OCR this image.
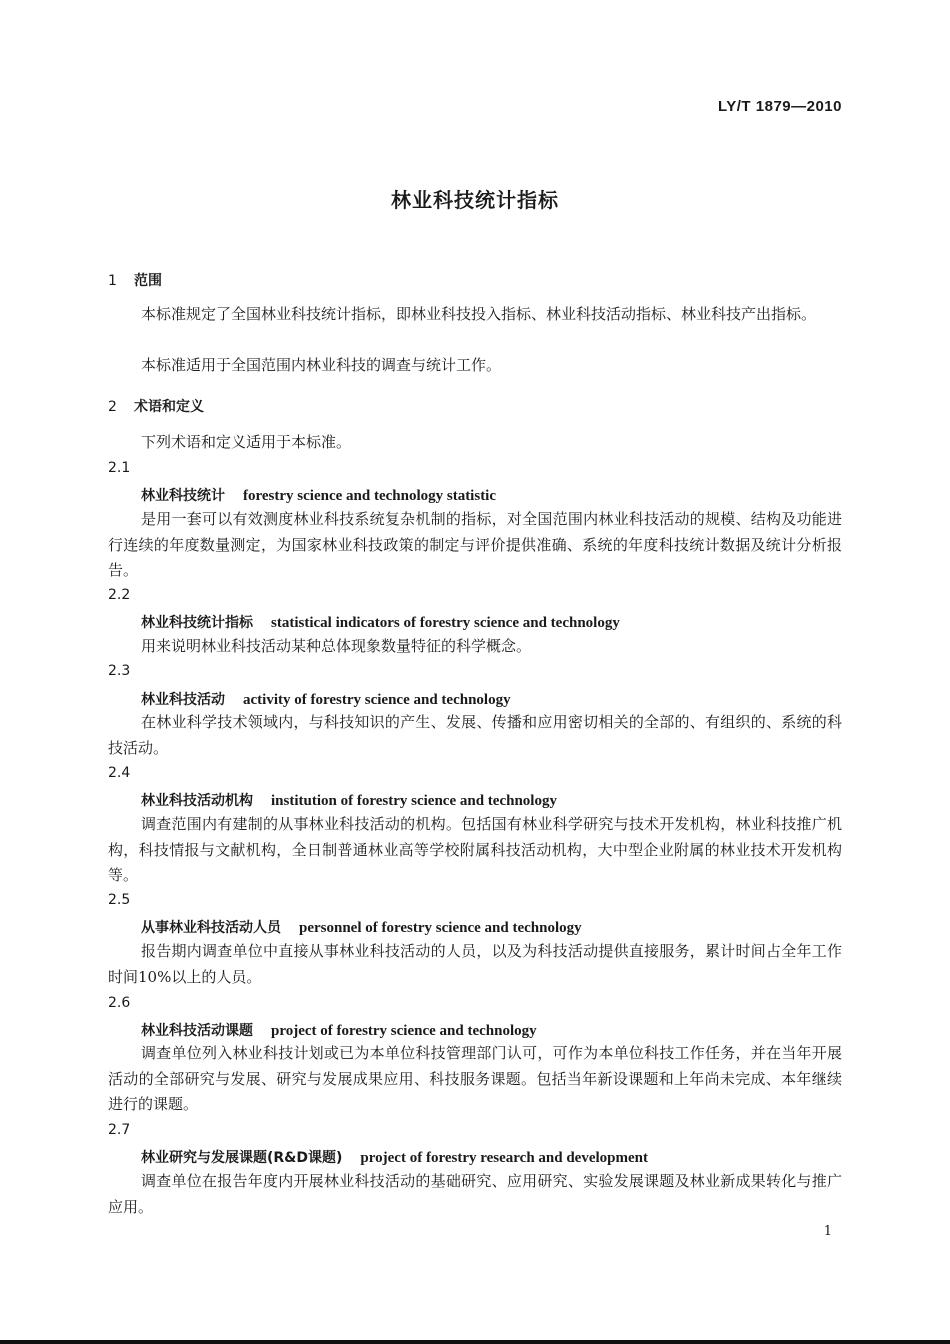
LY/T 1879—2010
林业科技统计指标
1 范围

本标准规定了全国林业科技统计指标，即林业科技投入指标、林业科技活动指标、林业科技产出指标。

本标准适用于全国范围内林业科技的调查与统计工作。

2 术语和定义

下列术语和定义适用于本标准。

2.1
林业科技统计 forestry science and technology statistic

是用一套可以有效测度林业科技系统复杂机制的指标，对全国范围内林业科技活动的规模、结构及功能进行连续的年度数量测定，为国家林业科技政策的制定与评价提供准确、系统的年度科技统计数据及统计分析报告。

2.2
林业科技统计指标 statistical indicators of forestry science and technology

用来说明林业科技活动某种总体现象数量特征的科学概念。

2.3
林业科技活动 activity of forestry science and technology

在林业科学技术领域内，与科技知识的产生、发展、传播和应用密切相关的全部的、有组织的、系统的科技活动。

2.4
林业科技活动机构 institution of forestry science and technology

调查范围内有建制的从事林业科技活动的机构。包括国有林业科学研究与技术开发机构，林业科技推广机构，科技情报与文献机构，全日制普通林业高等学校附属科技活动机构，大中型企业附属的林业技术开发机构等。

2.5
从事林业科技活动人员 personnel of forestry science and technology

报告期内调查单位中直接从事林业科技活动的人员，以及为科技活动提供直接服务，累计时间占全年工作时间10%以上的人员。

2.6
林业科技活动课题 project of forestry science and technology

调查单位列入林业科技计划或已为本单位科技管理部门认可，可作为本单位科技工作任务，并在当年开展活动的全部研究与发展、研究与发展成果应用、科技服务课题。包括当年新设课题和上年尚未完成、本年继续进行的课题。

2.7
林业研究与发展课题(R&D课题) project of forestry research and development

调查单位在报告年度内开展林业科技活动的基础研究、应用研究、实验发展课题及林业新成果转化与推广应用。

1
